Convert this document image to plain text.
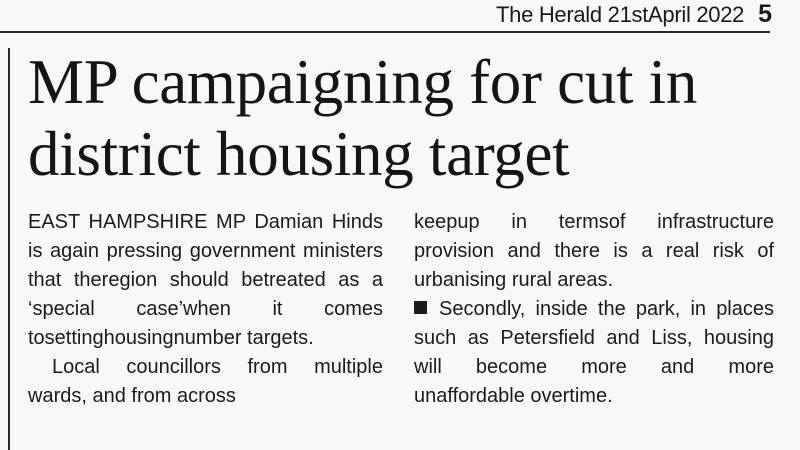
The Herald 21stApril 2022 5
MP campaigning for cut in district housing target

EAST HAMPSHIRE MP Damian Hinds is again pressing government ministers that theregion should betreated as a ‘special case’when it comes tosettinghousingnumber targets.

Local councillors from multiple wards, and from across

keepup in termsof infrastructure provision and there is a real risk of urbanising rural areas.

Secondly, inside the park, in places such as Petersfield and Liss, housing will become more and more unaffordable overtime.
